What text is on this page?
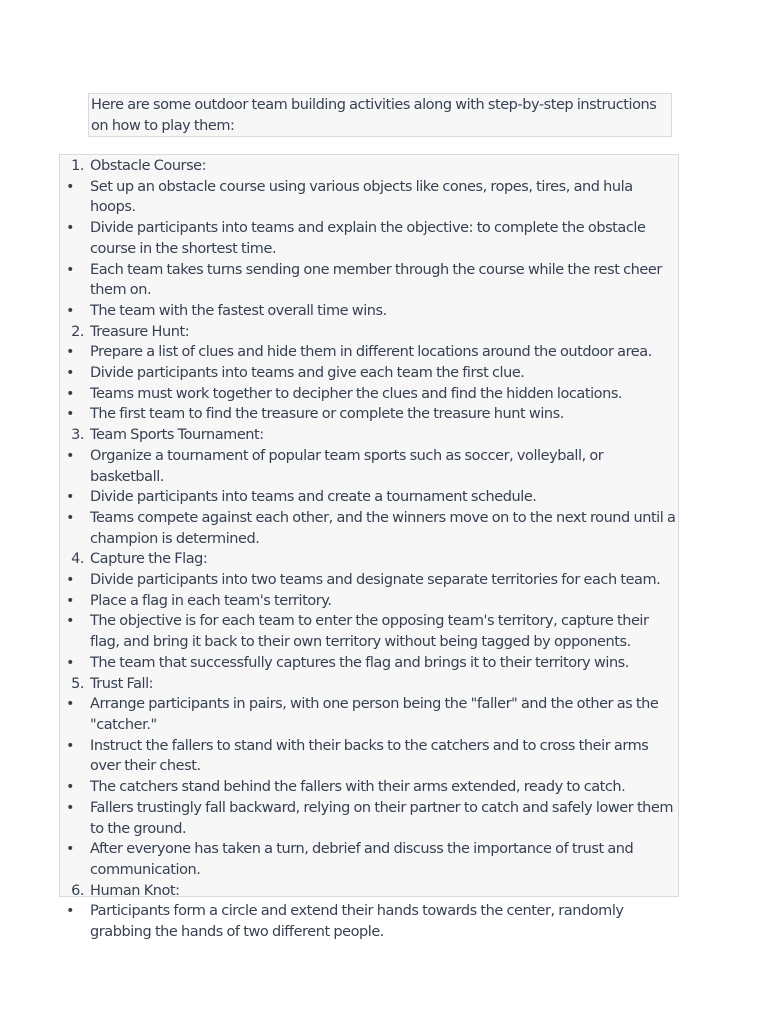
Here are some outdoor team building activities along with step-by-step instructions on how to play them:
1. Obstacle Course:
• Set up an obstacle course using various objects like cones, ropes, tires, and hula hoops.
• Divide participants into teams and explain the objective: to complete the obstacle course in the shortest time.
• Each team takes turns sending one member through the course while the rest cheer them on.
• The team with the fastest overall time wins.
2. Treasure Hunt:
• Prepare a list of clues and hide them in different locations around the outdoor area.
• Divide participants into teams and give each team the first clue.
• Teams must work together to decipher the clues and find the hidden locations.
• The first team to find the treasure or complete the treasure hunt wins.
3. Team Sports Tournament:
• Organize a tournament of popular team sports such as soccer, volleyball, or basketball.
• Divide participants into teams and create a tournament schedule.
• Teams compete against each other, and the winners move on to the next round until a champion is determined.
4. Capture the Flag:
• Divide participants into two teams and designate separate territories for each team.
• Place a flag in each team's territory.
• The objective is for each team to enter the opposing team's territory, capture their flag, and bring it back to their own territory without being tagged by opponents.
• The team that successfully captures the flag and brings it to their territory wins.
5. Trust Fall:
• Arrange participants in pairs, with one person being the "faller" and the other as the "catcher."
• Instruct the fallers to stand with their backs to the catchers and to cross their arms over their chest.
• The catchers stand behind the fallers with their arms extended, ready to catch.
• Fallers trustingly fall backward, relying on their partner to catch and safely lower them to the ground.
• After everyone has taken a turn, debrief and discuss the importance of trust and communication.
6. Human Knot:
• Participants form a circle and extend their hands towards the center, randomly grabbing the hands of two different people.
